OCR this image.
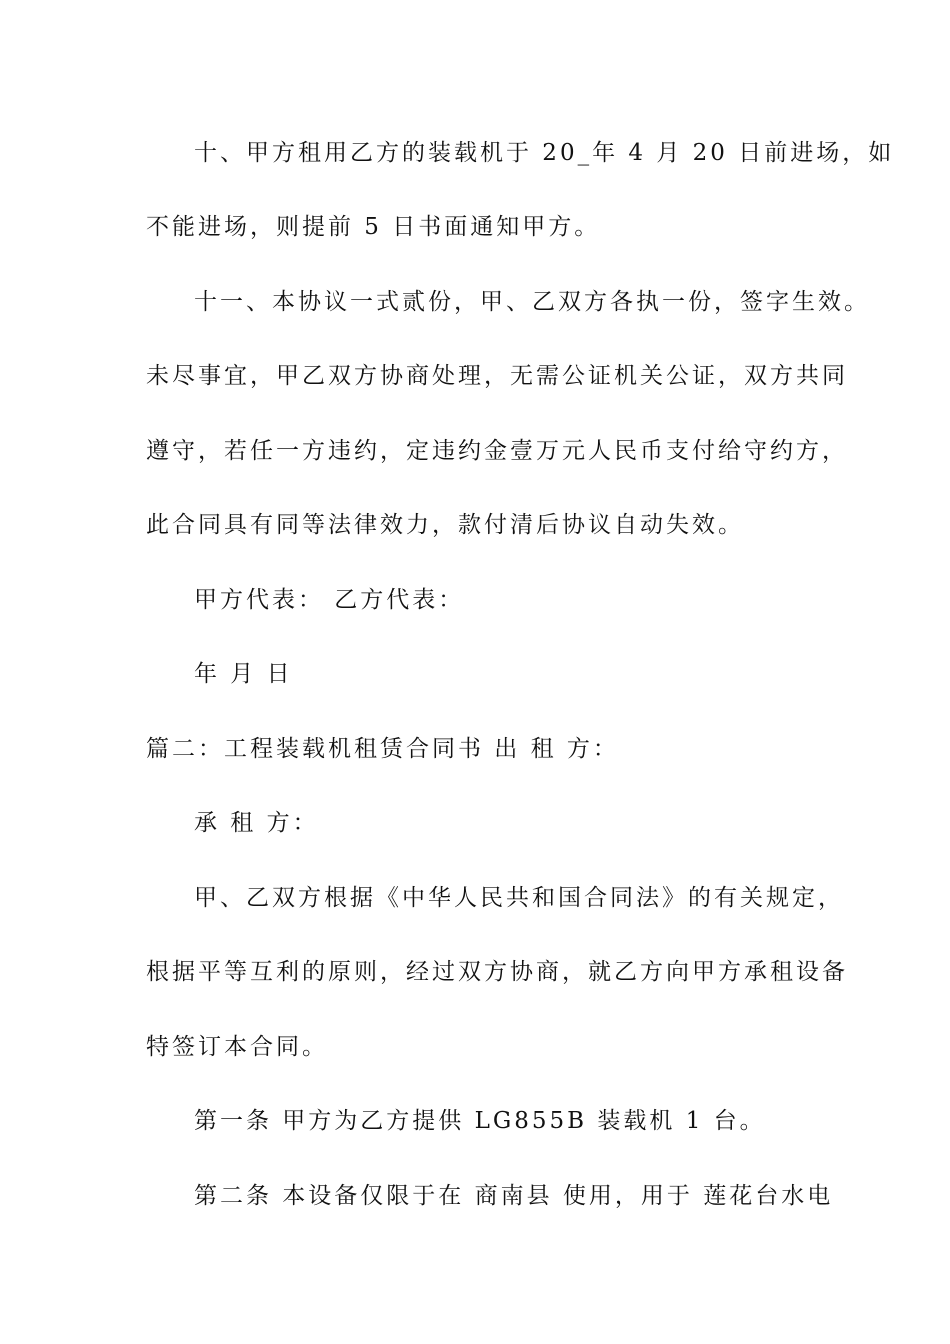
十、甲方租用乙方的装载机于 20_年 4 月 20 日前进场，如
不能进场，则提前 5 日书面通知甲方。
十一、本协议一式贰份，甲、乙双方各执一份，签字生效。
未尽事宜，甲乙双方协商处理，无需公证机关公证，双方共同
遵守，若任一方违约，定违约金壹万元人民币支付给守约方，
此合同具有同等法律效力，款付清后协议自动失效。
甲方代表： 乙方代表：
年 月 日
篇二：工程装载机租赁合同书 出 租 方：
承 租 方：
甲、乙双方根据《中华人民共和国合同法》的有关规定，
根据平等互利的原则，经过双方协商，就乙方向甲方承租设备
特签订本合同。
第一条 甲方为乙方提供 LG855B 装载机 1 台。
第二条 本设备仅限于在 商南县 使用，用于 莲花台水电
